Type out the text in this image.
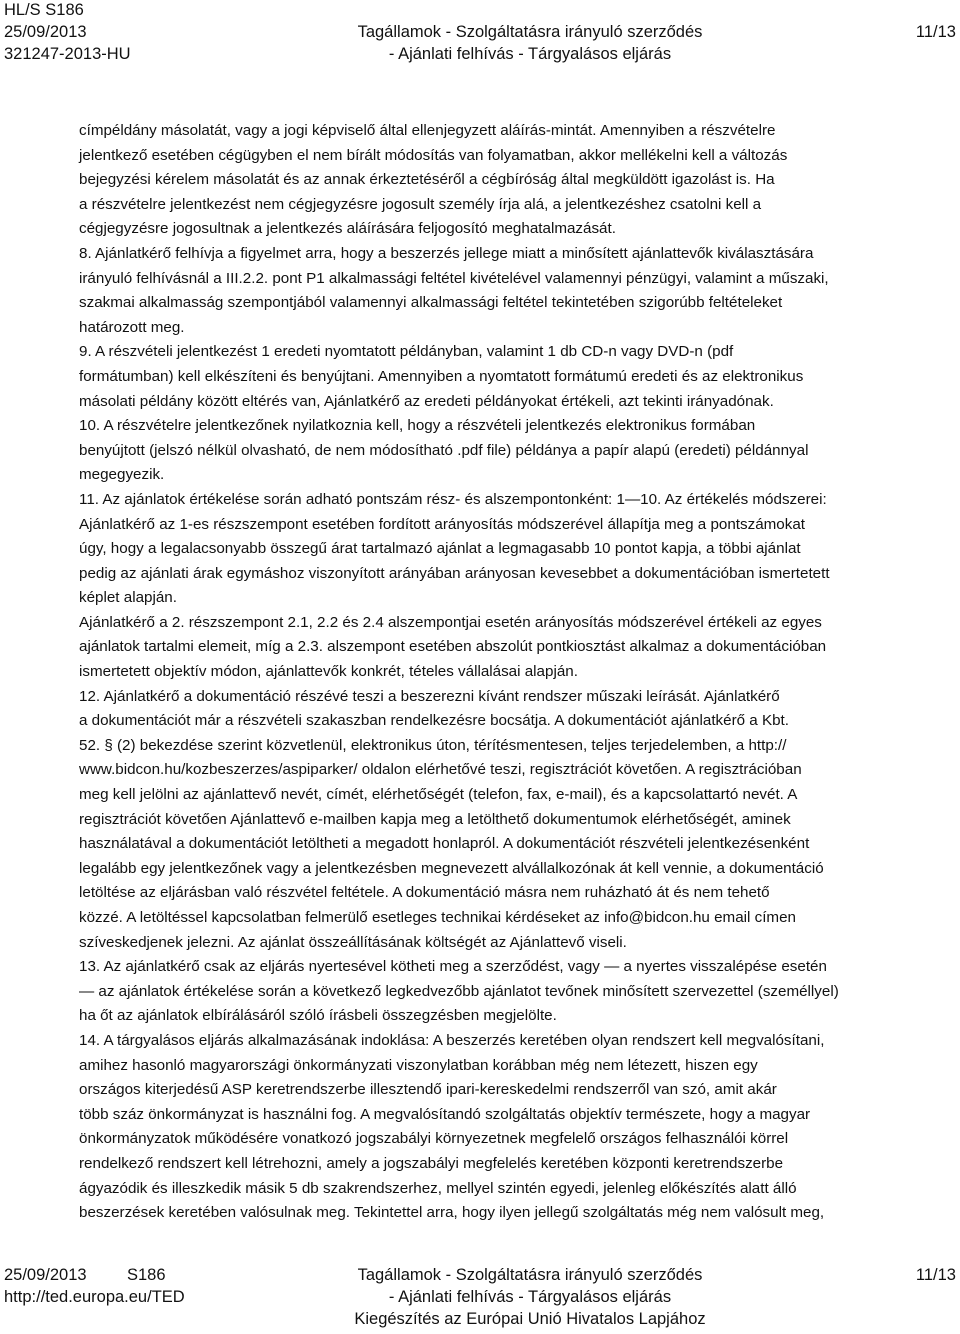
HL/S S186
25/09/2013	Tagállamok - Szolgáltatásra irányuló szerződés	11/13
321247-2013-HU	- Ajánlati felhívás - Tárgyalásos eljárás

címpéldány másolatát, vagy a jogi képviselő által ellenjegyzett aláírás-mintát. Amennyiben a részvételre

jelentkező esetében cégügyben el nem bírált módosítás van folyamatban, akkor mellékelni kell a változás

bejegyzési kérelem másolatát és az annak érkeztetéséről a cégbíróság által megküldött igazolást is. Ha

a részvételre jelentkezést nem cégjegyzésre jogosult személy írja alá, a jelentkezéshez csatolni kell a

cégjegyzésre jogosultnak a jelentkezés aláírására feljogosító meghatalmazását.

8. Ajánlatkérő felhívja a figyelmet arra, hogy a beszerzés jellege miatt a minősített ajánlattevők kiválasztására

irányuló felhívásnál a III.2.2. pont P1 alkalmassági feltétel kivételével valamennyi pénzügyi, valamint a műszaki,

szakmai alkalmasság szempontjából valamennyi alkalmassági feltétel tekintetében szigorúbb feltételeket

határozott meg.

9. A részvételi jelentkezést 1 eredeti nyomtatott példányban, valamint 1 db CD-n vagy DVD-n (pdf

formátumban) kell elkészíteni és benyújtani. Amennyiben a nyomtatott formátumú eredeti és az elektronikus

másolati példány között eltérés van, Ajánlatkérő az eredeti példányokat értékeli, azt tekinti irányadónak.

10. A részvételre jelentkezőnek nyilatkoznia kell, hogy a részvételi jelentkezés elektronikus formában

benyújtott (jelszó nélkül olvasható, de nem módosítható .pdf file) példánya a papír alapú (eredeti) példánnyal

megegyezik.

11. Az ajánlatok értékelése során adható pontszám rész- és alszempontonként: 1—10. Az értékelés módszerei:

Ajánlatkérő az 1-es részszempont esetében fordított arányosítás módszerével állapítja meg a pontszámokat

úgy, hogy a legalacsonyabb összegű árat tartalmazó ajánlat a legmagasabb 10 pontot kapja, a többi ajánlat

pedig az ajánlati árak egymáshoz viszonyított arányában arányosan kevesebbet a dokumentációban ismertetett

képlet alapján.

Ajánlatkérő a 2. részszempont 2.1, 2.2 és 2.4 alszempontjai esetén arányosítás módszerével értékeli az egyes

ajánlatok tartalmi elemeit, míg a 2.3. alszempont esetében abszolút pontkiosztást alkalmaz a dokumentációban

ismertetett objektív módon, ajánlattevők konkrét, tételes vállalásai alapján.

12. Ajánlatkérő a dokumentáció részévé teszi a beszerezni kívánt rendszer műszaki leírását. Ajánlatkérő

a dokumentációt már a részvételi szakaszban rendelkezésre bocsátja. A dokumentációt ajánlatkérő a Kbt.

52. § (2) bekezdése szerint közvetlenül, elektronikus úton, térítésmentesen, teljes terjedelemben, a http://

www.bidcon.hu/kozbeszerzes/aspiparker/ oldalon elérhetővé teszi, regisztrációt követően. A regisztrációban

meg kell jelölni az ajánlattevő nevét, címét, elérhetőségét (telefon, fax, e-mail), és a kapcsolattartó nevét. A

regisztrációt követően Ajánlattevő e-mailben kapja meg a letölthető dokumentumok elérhetőségét, aminek

használatával a dokumentációt letöltheti a megadott honlapról. A dokumentációt részvételi jelentkezésenként

legalább egy jelentkezőnek vagy a jelentkezésben megnevezett alvállalkozónak át kell vennie, a dokumentáció

letöltése az eljárásban való részvétel feltétele. A dokumentáció másra nem ruházható át és nem tehető

közzé. A letöltéssel kapcsolatban felmerülő esetleges technikai kérdéseket az info@bidcon.hu email címen

szíveskedjenek jelezni. Az ajánlat összeállításának költségét az Ajánlattevő viseli.

13. Az ajánlatkérő csak az eljárás nyertesével kötheti meg a szerződést, vagy — a nyertes visszalépése esetén

— az ajánlatok értékelése során a következő legkedvezőbb ajánlatot tevőnek minősített szervezettel (személlyel)

ha őt az ajánlatok elbírálásáról szóló írásbeli összegzésben megjelölte.

14. A tárgyalásos eljárás alkalmazásának indoklása: A beszerzés keretében olyan rendszert kell megvalósítani,

amihez hasonló magyarországi önkormányzati viszonylatban korábban még nem létezett, hiszen egy

országos kiterjedésű ASP keretrendszerbe illesztendő ipari-kereskedelmi rendszerről van szó, amit akár

több száz önkormányzat is használni fog. A megvalósítandó szolgáltatás objektív természete, hogy a magyar

önkormányzatok működésére vonatkozó jogszabályi környezetnek megfelelő országos felhasználói körrel

rendelkező rendszert kell létrehozni, amely a jogszabályi megfelelés keretében központi keretrendszerbe

ágyazódik és illeszkedik másik 5 db szakrendszerhez, mellyel szintén egyedi, jelenleg előkészítés alatt álló

beszerzések keretében valósulnak meg. Tekintettel arra, hogy ilyen jellegű szolgáltatás még nem valósult meg,

25/09/2013 S186	Tagállamok - Szolgáltatásra irányuló szerződés	11/13
http://ted.europa.eu/TED	- Ajánlati felhívás - Tárgyalásos eljárás
Kiegészítés az Európai Unió Hivatalos Lapjához
